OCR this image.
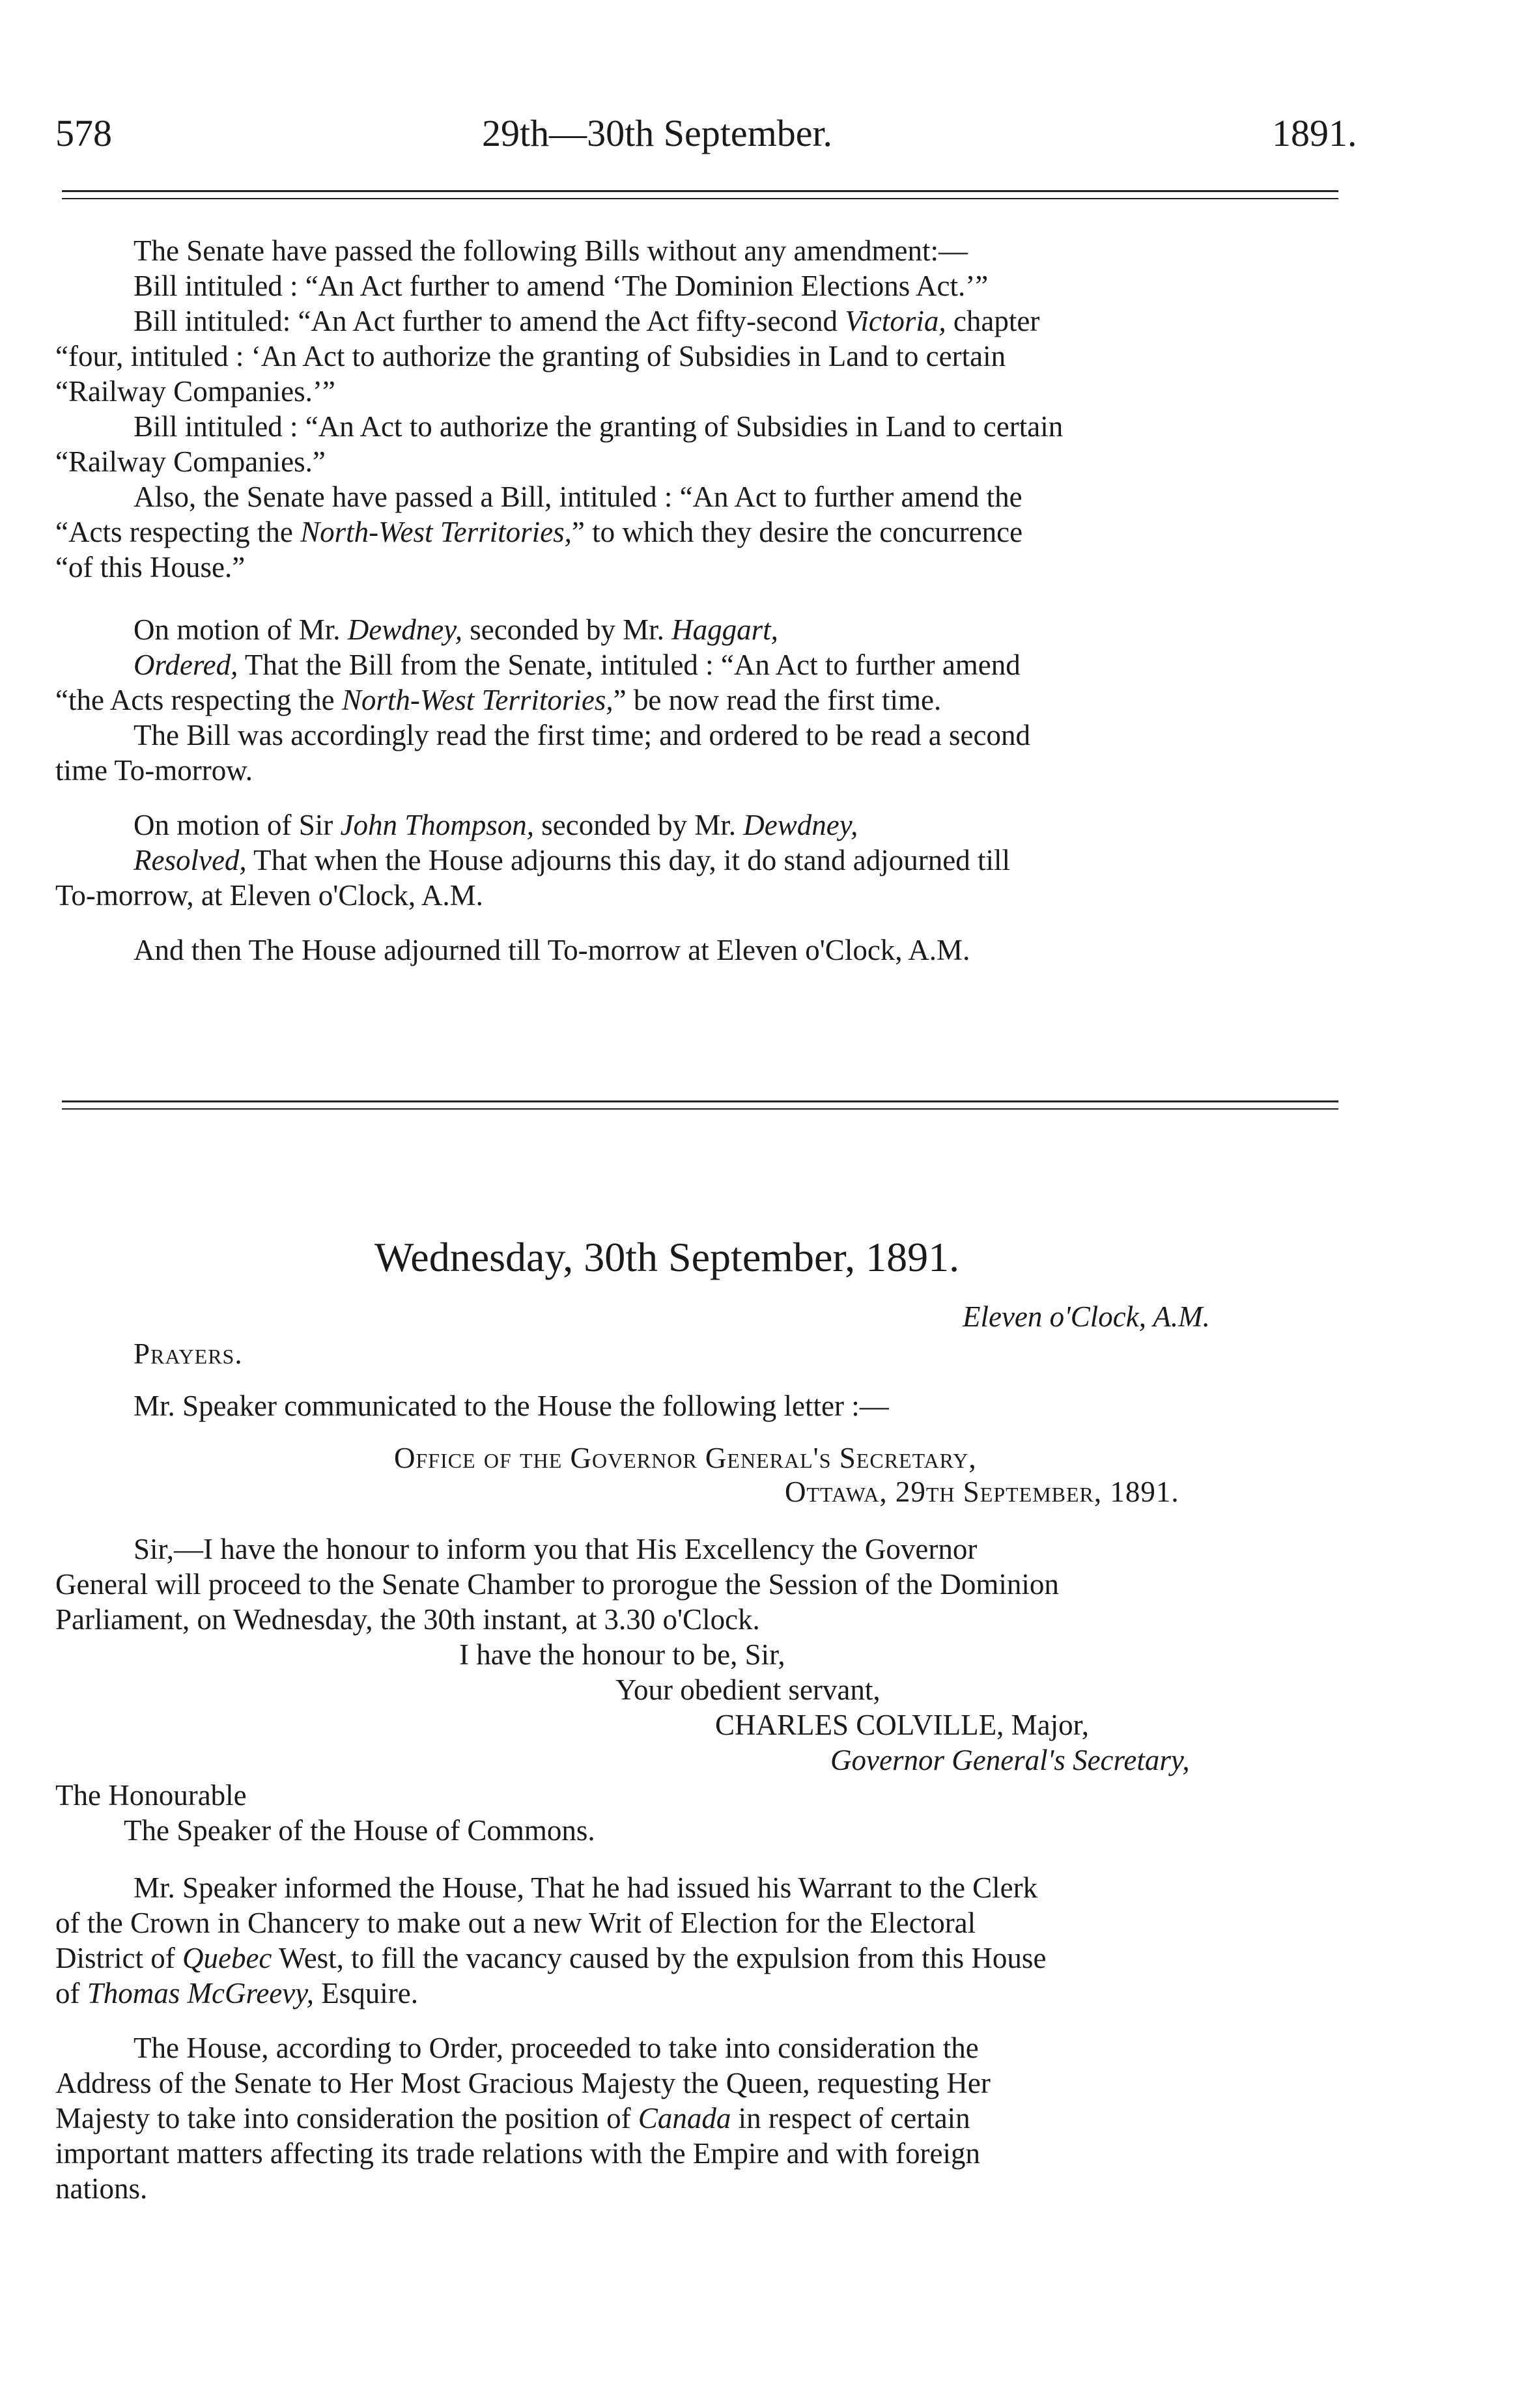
578	29th—30th September.	1891.

The Senate have passed the following Bills without any amendment:—

Bill intituled : “An Act further to amend ‘The Dominion Elections Act.’”

Bill intituled: “An Act further to amend the Act fifty-second Victoria, chapter

“four, intituled : ‘An Act to authorize the granting of Subsidies in Land to certain

“Railway Companies.’”

Bill intituled : “An Act to authorize the granting of Subsidies in Land to certain

“Railway Companies.”

Also, the Senate have passed a Bill, intituled : “An Act to further amend the

“Acts respecting the North-West Territories,” to which they desire the concurrence

“of this House.”

On motion of Mr. Dewdney, seconded by Mr. Haggart,

Ordered, That the Bill from the Senate, intituled : “An Act to further amend

“the Acts respecting the North-West Territories,” be now read the first time.

The Bill was accordingly read the first time; and ordered to be read a second

time To-morrow.

On motion of Sir John Thompson, seconded by Mr. Dewdney,

Resolved, That when the House adjourns this day, it do stand adjourned till

To-morrow, at Eleven o'Clock, A.M.

And then The House adjourned till To-morrow at Eleven o'Clock, A.M.

Wednesday, 30th September, 1891.

Eleven o'Clock, A.M.

Prayers.

Mr. Speaker communicated to the House the following letter :—

Office of the Governor General's Secretary,

Ottawa, 29th September, 1891.

Sir,—I have the honour to inform you that His Excellency the Governor

General will proceed to the Senate Chamber to prorogue the Session of the Dominion

Parliament, on Wednesday, the 30th instant, at 3.30 o'Clock.

I have the honour to be, Sir,

Your obedient servant,

CHARLES COLVILLE, Major,

Governor General's Secretary,

The Honourable

The Speaker of the House of Commons.

Mr. Speaker informed the House, That he had issued his Warrant to the Clerk

of the Crown in Chancery to make out a new Writ of Election for the Electoral

District of Quebec West, to fill the vacancy caused by the expulsion from this House

of Thomas McGreevy, Esquire.

The House, according to Order, proceeded to take into consideration the

Address of the Senate to Her Most Gracious Majesty the Queen, requesting Her

Majesty to take into consideration the position of Canada in respect of certain

important matters affecting its trade relations with the Empire and with foreign

nations.
